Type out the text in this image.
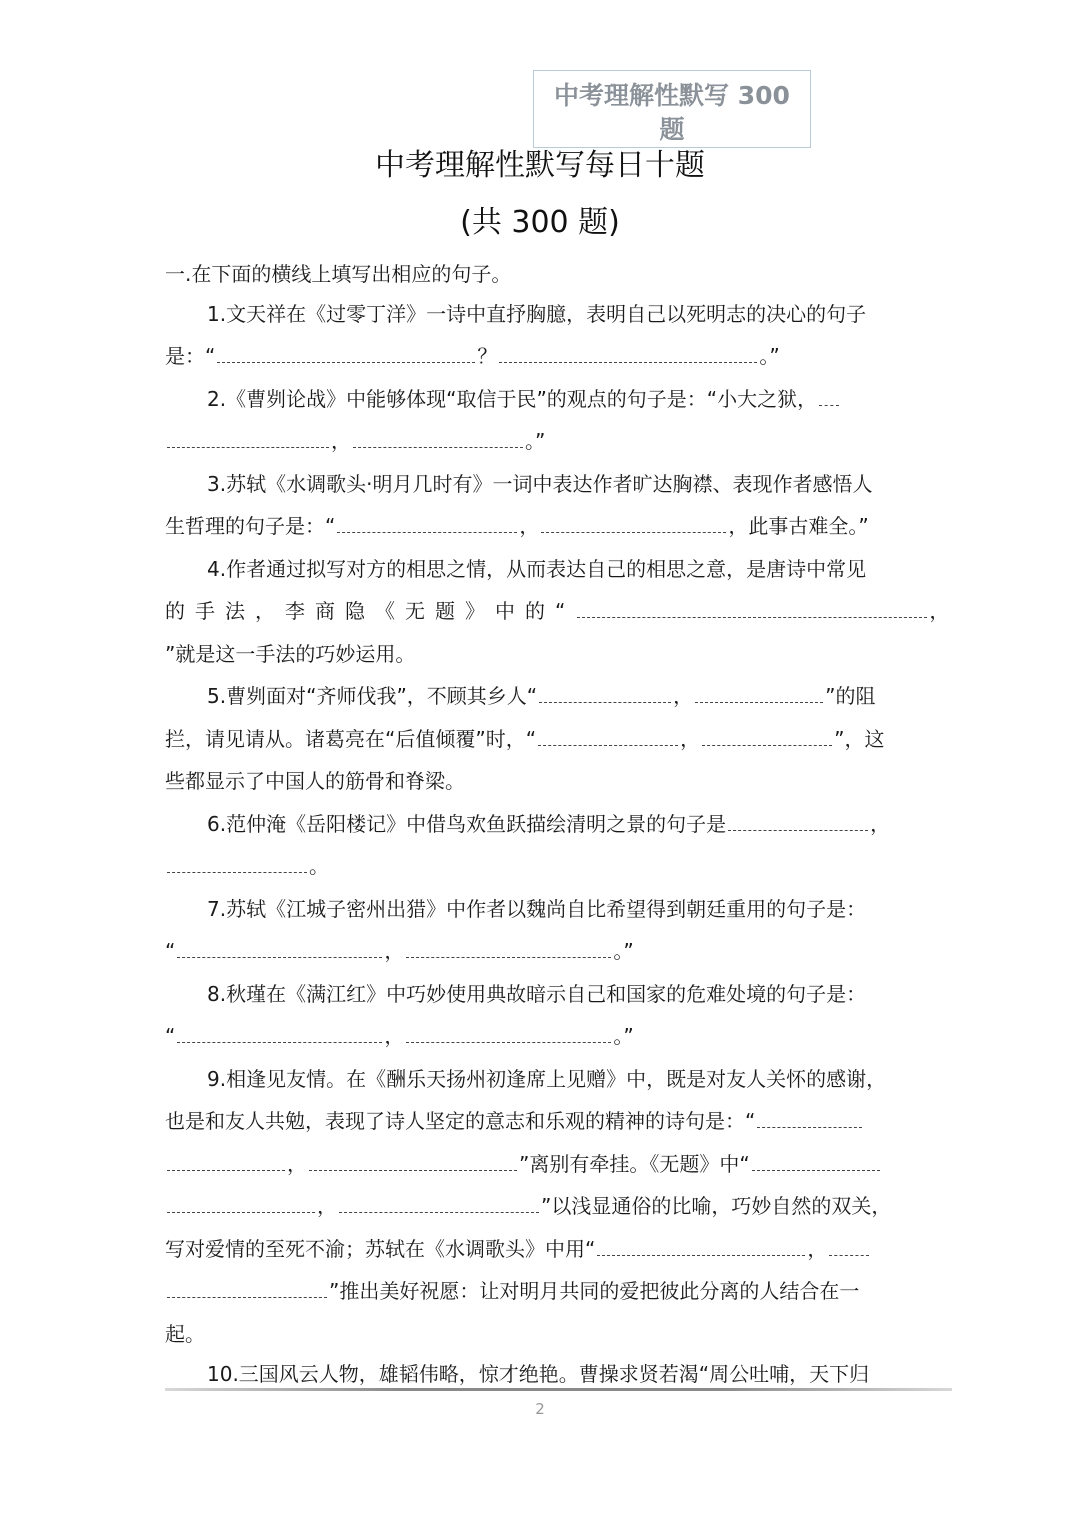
中考理解性默写 300
题
中考理解性默写每日十题
(共 300 题)
一.在下面的横线上填写出相应的句子。
1.文天祥在《过零丁洋》一诗中直抒胸臆，表明自己以死明志的决心的句子
是：“	？	。”
2.《曹刿论战》中能够体现“取信于民”的观点的句子是：“小大之狱，
，	。”
3.苏轼《水调歌头·明月几时有》一词中表达作者旷达胸襟、表现作者感悟人
生哲理的句子是：“	，	，此事古难全。”
4.作者通过拟写对方的相思之情，从而表达自己的相思之意，是唐诗中常见
的手法，李商隐《无题》中的“	，
”就是这一手法的巧妙运用。
5.曹刿面对“齐师伐我”，不顾其乡人“	，	”的阻
拦，请见请从。诸葛亮在“后值倾覆”时，“	，	”，这
些都显示了中国人的筋骨和脊梁。
6.范仲淹《岳阳楼记》中借鸟欢鱼跃描绘清明之景的句子是	，
。
7.苏轼《江城子密州出猎》中作者以魏尚自比希望得到朝廷重用的句子是：
“	，	。”
8.秋瑾在《满江红》中巧妙使用典故暗示自己和国家的危难处境的句子是：
“	，	。”
9.相逢见友情。在《酬乐天扬州初逢席上见赠》中，既是对友人关怀的感谢，
也是和友人共勉，表现了诗人坚定的意志和乐观的精神的诗句是：“
，	”离别有牵挂。《无题》中“
，	”以浅显通俗的比喻，巧妙自然的双关，
写对爱情的至死不渝；苏轼在《水调歌头》中用“	，
”推出美好祝愿：让对明月共同的爱把彼此分离的人结合在一
起。
10.三国风云人物，雄韬伟略，惊才绝艳。曹操求贤若渴“周公吐哺，天下归
2
